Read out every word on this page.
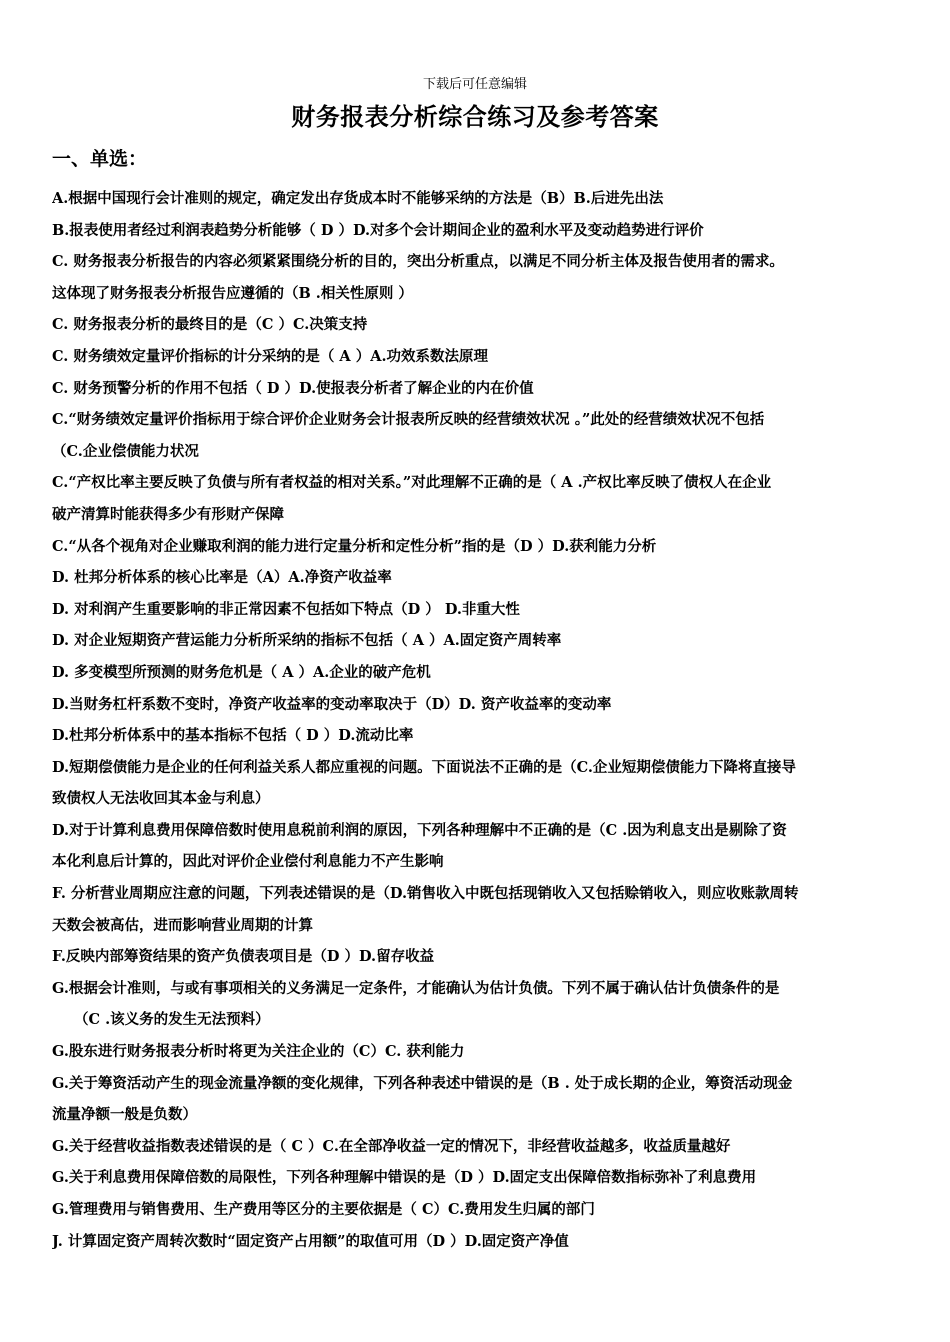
下载后可任意编辑
财务报表分析综合练习及参考答案
一、单选：
A.根据中国现行会计准则的规定，确定发出存货成本时不能够采纳的方法是（B）B.后进先出法
B.报表使用者经过利润表趋势分析能够（ D ）D.对多个会计期间企业的盈利水平及变动趋势进行评价
C. 财务报表分析报告的内容必须紧紧围绕分析的目的，突出分析重点，以满足不同分析主体及报告使用者的需求。
这体现了财务报表分析报告应遵循的（B .相关性原则 ）
C. 财务报表分析的最终目的是（C ）C.决策支持
C. 财务绩效定量评价指标的计分采纳的是（ A ）A.功效系数法原理
C. 财务预警分析的作用不包括（ D ）D.使报表分析者了解企业的内在价值
C.“财务绩效定量评价指标用于综合评价企业财务会计报表所反映的经营绩效状况 。”此处的经营绩效状况不包括
（C.企业偿债能力状况
C.“产权比率主要反映了负债与所有者权益的相对关系。”对此理解不正确的是（ A .产权比率反映了债权人在企业
破产清算时能获得多少有形财产保障
C.“从各个视角对企业赚取利润的能力进行定量分析和定性分析”指的是（D ）D.获利能力分析
D. 杜邦分析体系的核心比率是（A）A.净资产收益率
D. 对利润产生重要影响的非正常因素不包括如下特点（D ） D.非重大性
D. 对企业短期资产营运能力分析所采纳的指标不包括（ A ）A.固定资产周转率
D. 多变模型所预测的财务危机是（ A ）A.企业的破产危机
D.当财务杠杆系数不变时，净资产收益率的变动率取决于（D）D. 资产收益率的变动率
D.杜邦分析体系中的基本指标不包括（ D ）D.流动比率
D.短期偿债能力是企业的任何利益关系人都应重视的问题。下面说法不正确的是（C.企业短期偿债能力下降将直接导
致债权人无法收回其本金与利息）
D.对于计算利息费用保障倍数时使用息税前利润的原因，下列各种理解中不正确的是（C .因为利息支出是剔除了资
本化利息后计算的，因此对评价企业偿付利息能力不产生影响
F. 分析营业周期应注意的问题，下列表述错误的是（D.销售收入中既包括现销收入又包括赊销收入，则应收账款周转
天数会被高估，进而影响营业周期的计算
F.反映内部筹资结果的资产负债表项目是（D ）D.留存收益
G.根据会计准则，与或有事项相关的义务满足一定条件，才能确认为估计负债。下列不属于确认估计负债条件的是
（C .该义务的发生无法预料）
G.股东进行财务报表分析时将更为关注企业的（C）C. 获利能力
G.关于筹资活动产生的现金流量净额的变化规律，下列各种表述中错误的是（B . 处于成长期的企业，筹资活动现金
流量净额一般是负数）
G.关于经营收益指数表述错误的是（ C ）C.在全部净收益一定的情况下，非经营收益越多，收益质量越好
G.关于利息费用保障倍数的局限性，下列各种理解中错误的是（D ）D.固定支出保障倍数指标弥补了利息费用
G.管理费用与销售费用、生产费用等区分的主要依据是（ C）C.费用发生归属的部门
J. 计算固定资产周转次数时“固定资产占用额”的取值可用（D ）D.固定资产净值
